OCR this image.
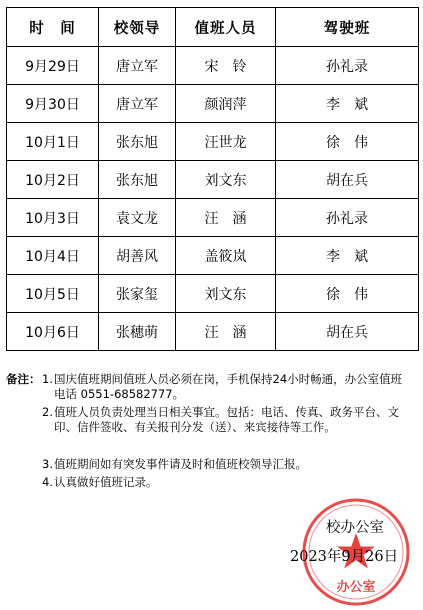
时　间	校领导	值班人员	驾驶班
9月29日	唐立军	宋　铃	孙礼录
9月30日	唐立军	颜润萍	李　斌
10月1日	张东旭	汪世龙	徐　伟
10月2日	张东旭	刘文东	胡在兵
10月3日	袁文龙	汪　涵	孙礼录
10月4日	胡善风	盖筱岚	李　斌
10月5日	张家玺	刘文东	徐　伟
10月6日	张穗萌	汪　涵	胡在兵
备注： 1. 国庆值班期间值班人员必须在岗，手机保持24小时畅通，办公室值班电话 0551-68582777。
2. 值班人员负责处理当日相关事宜。包括：电话、传真、政务平台、文印、信件签收、有关报刊分发（送）、来宾接待等工作。
3. 值班期间如有突发事件请及时和值班校领导汇报。
4. 认真做好值班记录。
办公室
校办公室
2023年9月26日
